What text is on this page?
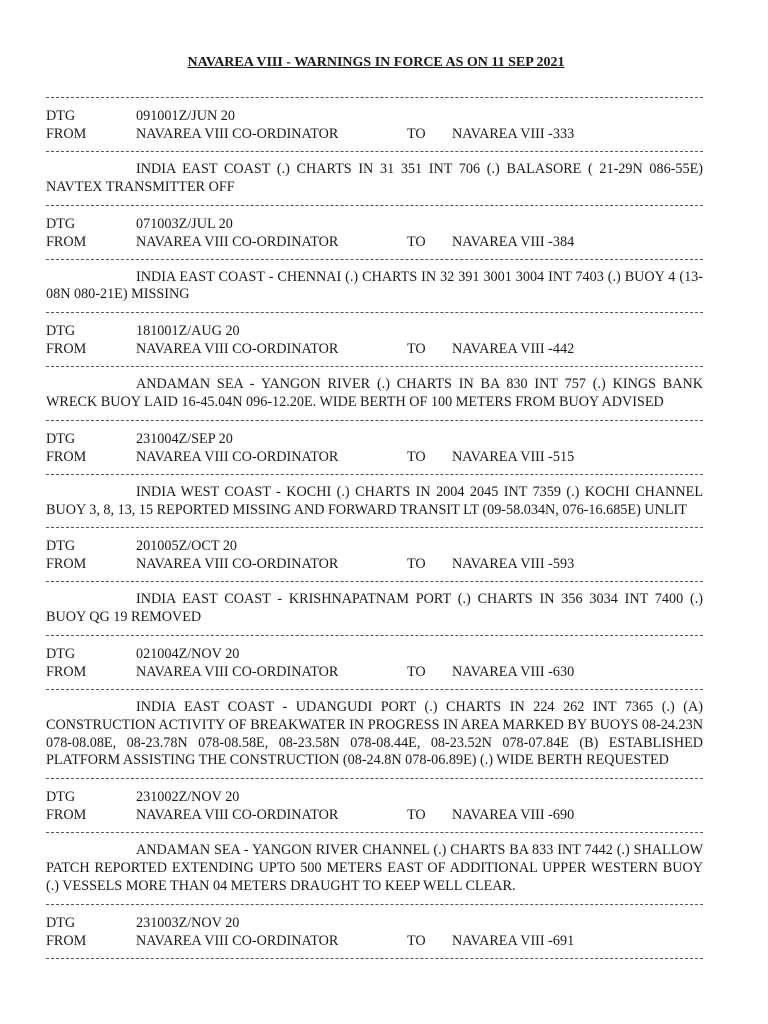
NAVAREA VIII - WARNINGS IN FORCE AS ON 11 SEP 2021
DTG	091001Z/JUN 20
FROM	NAVAREA VIII CO-ORDINATOR	TO NAVAREA VIII -333

INDIA EAST COAST (.) CHARTS IN 31 351 INT 706 (.) BALASORE ( 21-29N 086-55E) NAVTEX TRANSMITTER OFF

DTG	071003Z/JUL 20
FROM	NAVAREA VIII CO-ORDINATOR	TO NAVAREA VIII -384

INDIA EAST COAST - CHENNAI (.) CHARTS IN 32 391 3001 3004 INT 7403 (.) BUOY 4 (13-08N 080-21E) MISSING

DTG	181001Z/AUG 20
FROM	NAVAREA VIII CO-ORDINATOR	TO NAVAREA VIII -442

ANDAMAN SEA - YANGON RIVER (.) CHARTS IN BA 830 INT 757 (.) KINGS BANK WRECK BUOY LAID 16-45.04N 096-12.20E. WIDE BERTH OF 100 METERS FROM BUOY ADVISED

DTG	231004Z/SEP 20
FROM	NAVAREA VIII CO-ORDINATOR	TO NAVAREA VIII -515

INDIA WEST COAST - KOCHI (.) CHARTS IN 2004 2045 INT 7359 (.) KOCHI CHANNEL BUOY 3, 8, 13, 15 REPORTED MISSING AND FORWARD TRANSIT LT (09-58.034N, 076-16.685E) UNLIT

DTG	201005Z/OCT 20
FROM	NAVAREA VIII CO-ORDINATOR	TO NAVAREA VIII -593

INDIA EAST COAST - KRISHNAPATNAM PORT (.) CHARTS IN 356 3034 INT 7400 (.) BUOY QG 19 REMOVED

DTG	021004Z/NOV 20
FROM	NAVAREA VIII CO-ORDINATOR	TO NAVAREA VIII -630

INDIA EAST COAST - UDANGUDI PORT (.) CHARTS IN 224 262 INT 7365 (.) (A) CONSTRUCTION ACTIVITY OF BREAKWATER IN PROGRESS IN AREA MARKED BY BUOYS 08-24.23N 078-08.08E, 08-23.78N 078-08.58E, 08-23.58N 078-08.44E, 08-23.52N 078-07.84E (B) ESTABLISHED PLATFORM ASSISTING THE CONSTRUCTION (08-24.8N 078-06.89E) (.) WIDE BERTH REQUESTED

DTG	231002Z/NOV 20
FROM	NAVAREA VIII CO-ORDINATOR	TO NAVAREA VIII -690

ANDAMAN SEA - YANGON RIVER CHANNEL (.) CHARTS BA 833 INT 7442 (.) SHALLOW PATCH REPORTED EXTENDING UPTO 500 METERS EAST OF ADDITIONAL UPPER WESTERN BUOY (.) VESSELS MORE THAN 04 METERS DRAUGHT TO KEEP WELL CLEAR.

DTG	231003Z/NOV 20
FROM	NAVAREA VIII CO-ORDINATOR	TO NAVAREA VIII -691
